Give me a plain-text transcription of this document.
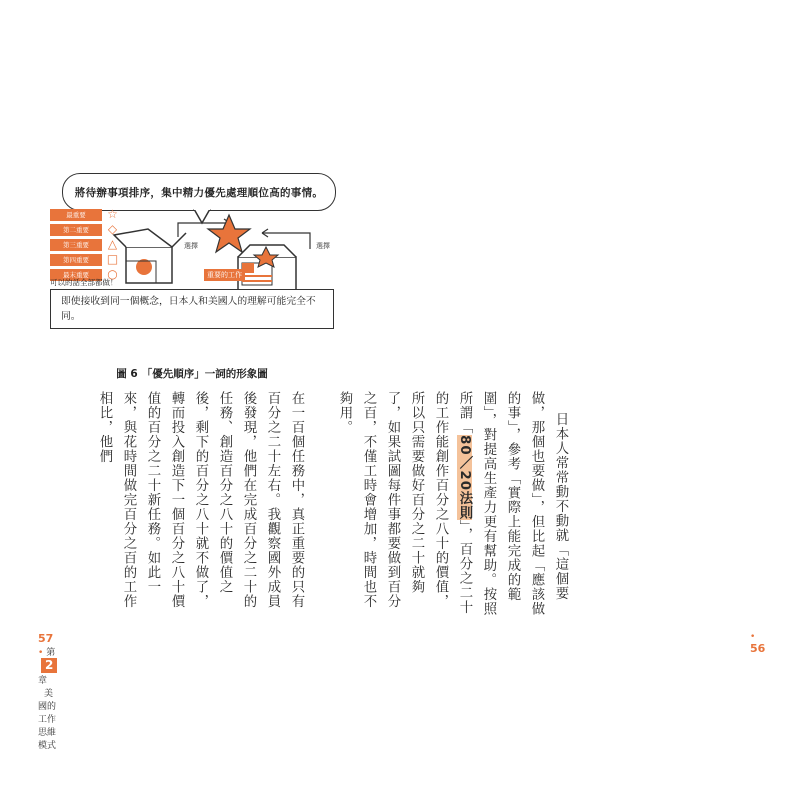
• 56

日本人常常動不動就「這個要做，那個也要做」，但比起「應該做的事」，參考「實際上能完成的範圍」，對提高生產力更有幫助。按照所謂「80／20法則」，百分之二十的工作能創作百分之八十的價值，所以只需要做好百分之二十就夠了，如果試圖每件事都要做到百分之百，不僅工時會增加，時間也不夠用。

在一百個任務中，真正重要的只有百分之二十左右。我觀察國外成員後發現，他們在完成百分之二十的任務、創造百分之八十的價值之後，剩下的百分之八十就不做了，轉而投入創造下一個百分之八十價值的百分之二十新任務。如此一來，與花時間做完百分之百的工作相比，他們

將待辦事項排序，集中精力優先處理順位高的事情。
最重要
第二重要
第三重要
第四重要
最末重要
☆
◇
△
□
○
選擇	選擇
重要的工作
可以的話全部都做！
即使接收到同一個概念，日本人和美國人的理解可能完全不同。
圖 6 「優先順序」一詞的形象圖
57 • 第2章 美國的工作思維模式
